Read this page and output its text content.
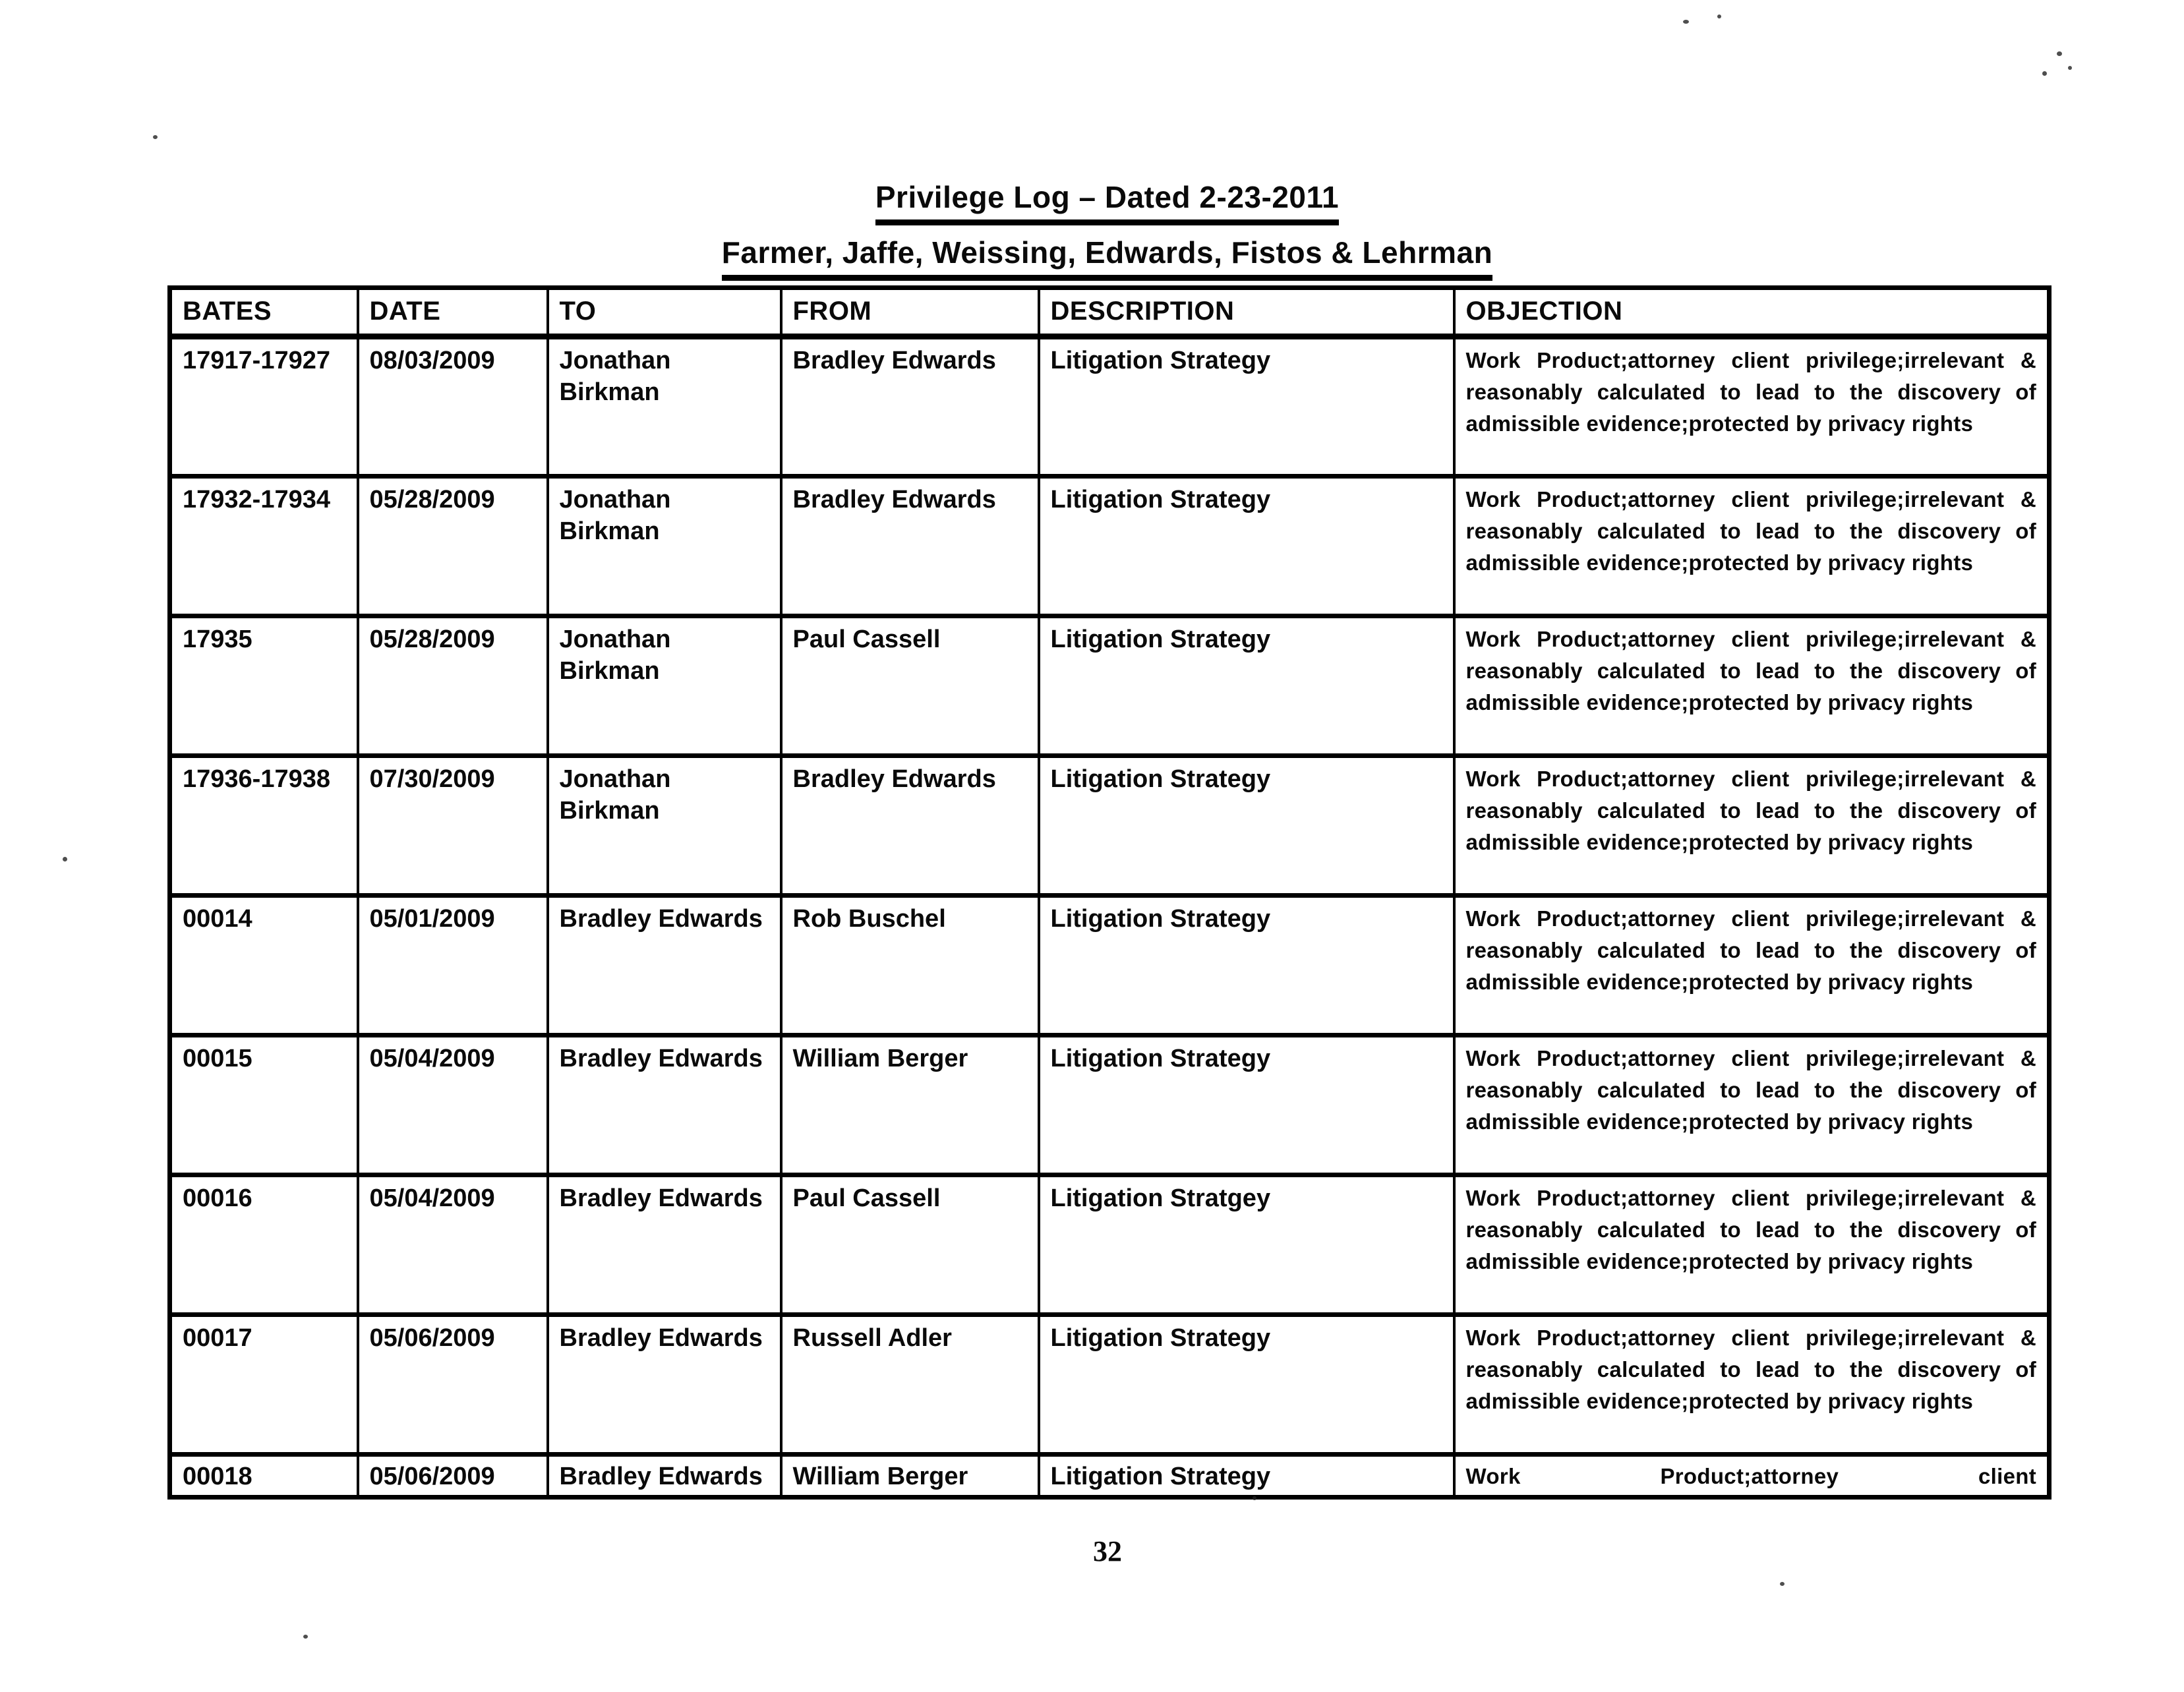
Privilege Log – Dated 2-23-2011
Farmer, Jaffe, Weissing, Edwards, Fistos & Lehrman
BATES	DATE	TO	FROM	DESCRIPTION	OBJECTION
17917-17927	08/03/2009	Jonathan Birkman	Bradley Edwards	Litigation Strategy	Work Product;attorney client privilege;irrelevant & reasonably calculated to lead to the discovery of admissible evidence;protected by privacy rights

17932-17934	05/28/2009	Jonathan Birkman	Bradley Edwards	Litigation Strategy	Work Product;attorney client privilege;irrelevant & reasonably calculated to lead to the discovery of admissible evidence;protected by privacy rights

17935	05/28/2009	Jonathan Birkman	Paul Cassell	Litigation Strategy	Work Product;attorney client privilege;irrelevant & reasonably calculated to lead to the discovery of admissible evidence;protected by privacy rights

17936-17938	07/30/2009	Jonathan Birkman	Bradley Edwards	Litigation Strategy	Work Product;attorney client privilege;irrelevant & reasonably calculated to lead to the discovery of admissible evidence;protected by privacy rights

00014	05/01/2009	Bradley Edwards	Rob Buschel	Litigation Strategy	Work Product;attorney client privilege;irrelevant & reasonably calculated to lead to the discovery of admissible evidence;protected by privacy rights

00015	05/04/2009	Bradley Edwards	William Berger	Litigation Strategy	Work Product;attorney client privilege;irrelevant & reasonably calculated to lead to the discovery of admissible evidence;protected by privacy rights

00016	05/04/2009	Bradley Edwards	Paul Cassell	Litigation Stratgey	Work Product;attorney client privilege;irrelevant & reasonably calculated to lead to the discovery of admissible evidence;protected by privacy rights

00017	05/06/2009	Bradley Edwards	Russell Adler	Litigation Strategy	Work Product;attorney client privilege;irrelevant & reasonably calculated to lead to the discovery of admissible evidence;protected by privacy rights

00018	05/06/2009	Bradley Edwards	William Berger	Litigation Strategy	Work Product;attorney client
32
